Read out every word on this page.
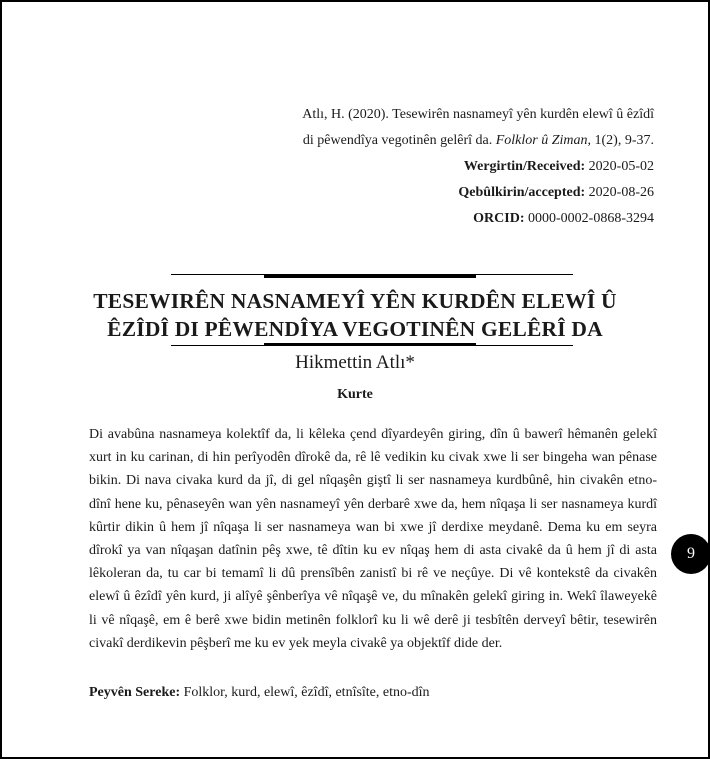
Atlı, H. (2020). Tesewirên nasnameyî yên kurdên elewî û êzîdî
di pêwendîya vegotinên gelêrî da. Folklor û Ziman, 1(2), 9-37.
Wergirtin/Received: 2020-05-02
Qebûlkirin/accepted: 2020-08-26
ORCID: 0000-0002-0868-3294
TESEWIRÊN NASNAMEYÎ YÊN KURDÊN ELEWÎ Û
ÊZÎDÎ DI PÊWENDÎYA VEGOTINÊN GELÊRÎ DA
Hikmettin Atlı*
Kurte
Di avabûna nasnameya kolektîf da, li kêleka çend dîyardeyên giring, dîn û bawerî hêmanên gelekî xurt in ku carinan, di hin perîyodên dîrokê da, rê lê vedikin ku civak xwe li ser bingeha wan pênase bikin. Di nava civaka kurd da jî, di gel nîqaşên giştî li ser nasnameya kurdbûnê, hin civakên etno-dînî hene ku, pênaseyên wan yên nasnameyî yên derbarê xwe da, hem nîqaşa li ser nasnameya kurdî kûrtir dikin û hem jî nîqaşa li ser nasnameya wan bi xwe jî derdixe meydanê. Dema ku em seyra dîrokî ya van nîqaşan datînin pêş xwe, tê dîtin ku ev nîqaş hem di asta civakê da û hem jî di asta lêkoleran da, tu car bi temamî li dû prensîbên zanistî bi rê ve neçûye. Di vê kontekstê da civakên elewî û êzîdî yên kurd, ji alîyê şênberîya vê nîqaşê ve, du mînakên gelekî giring in. Wekî îlaweyekê li vê nîqaşê, em ê berê xwe bidin metinên folklorî ku li wê derê ji tesbîtên derveyî bêtir, tesewirên civakî derdikevin pêşberî me ku ev yek meyla civakê ya objektîf dide der.
Peyvên Sereke: Folklor, kurd, elewî, êzîdî, etnîsîte, etno-dîn
9
